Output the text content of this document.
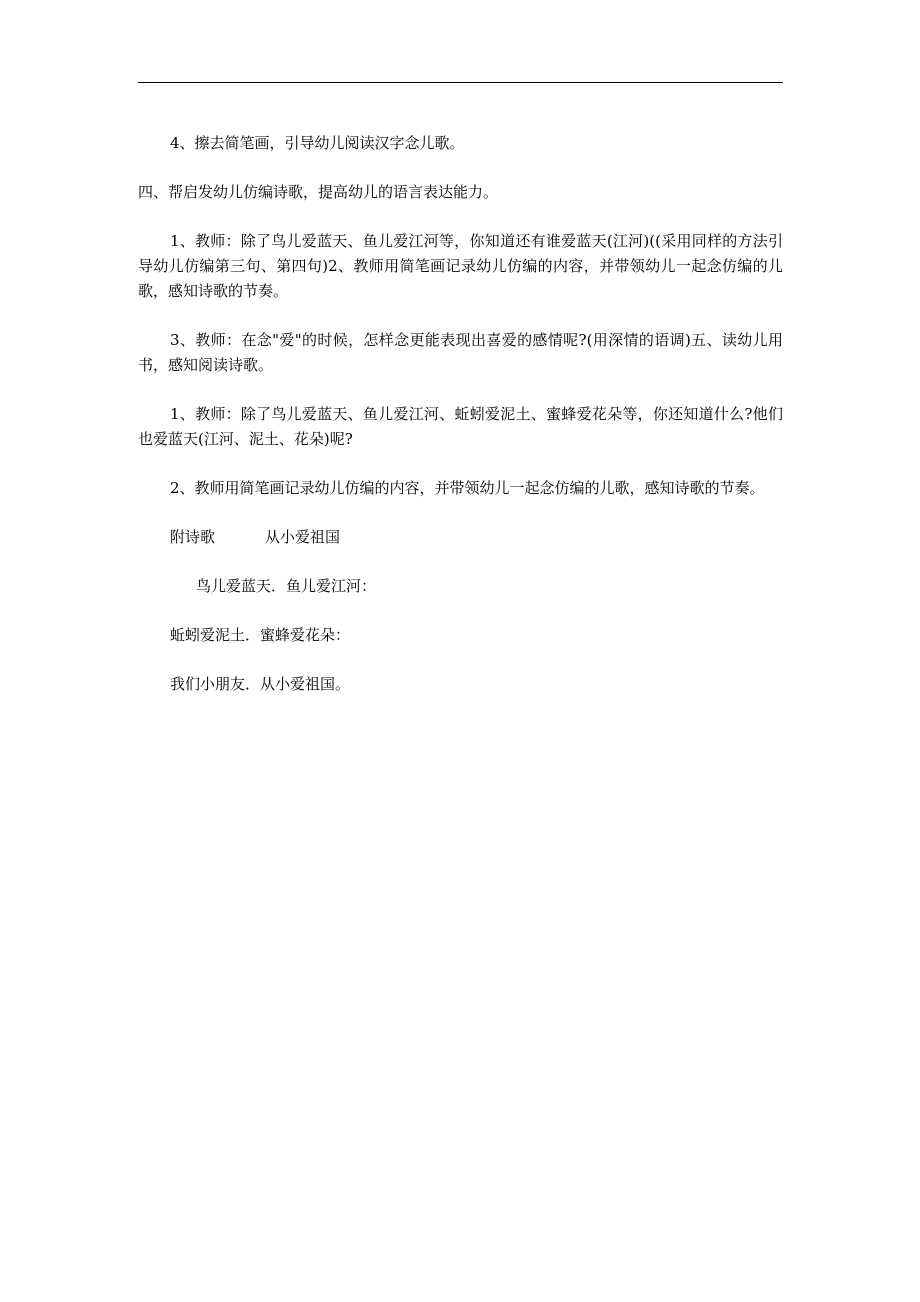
4、擦去简笔画，引导幼儿阅读汉字念儿歌。

四、帮启发幼儿仿编诗歌，提高幼儿的语言表达能力。

1、教师：除了鸟儿爱蓝天、鱼儿爱江河等，你知道还有谁爱蓝天(江河)((采用同样的方法引导幼儿仿编第三句、第四句)2、教师用简笔画记录幼儿仿编的内容，并带领幼儿一起念仿编的儿歌，感知诗歌的节奏。

3、教师：在念"爱"的时候，怎样念更能表现出喜爱的感情呢?(用深情的语调)五、读幼儿用书，感知阅读诗歌。

1、教师：除了鸟儿爱蓝天、鱼儿爱江河、蚯蚓爱泥土、蜜蜂爱花朵等，你还知道什么?他们也爱蓝天(江河、泥土、花朵)呢?

2、教师用简笔画记录幼儿仿编的内容，并带领幼儿一起念仿编的儿歌，感知诗歌的节奏。

附诗歌	从小爱祖国

鸟儿爱蓝天．鱼儿爱江河：

蚯蚓爱泥土．蜜蜂爱花朵：

我们小朋友．从小爱祖国。
